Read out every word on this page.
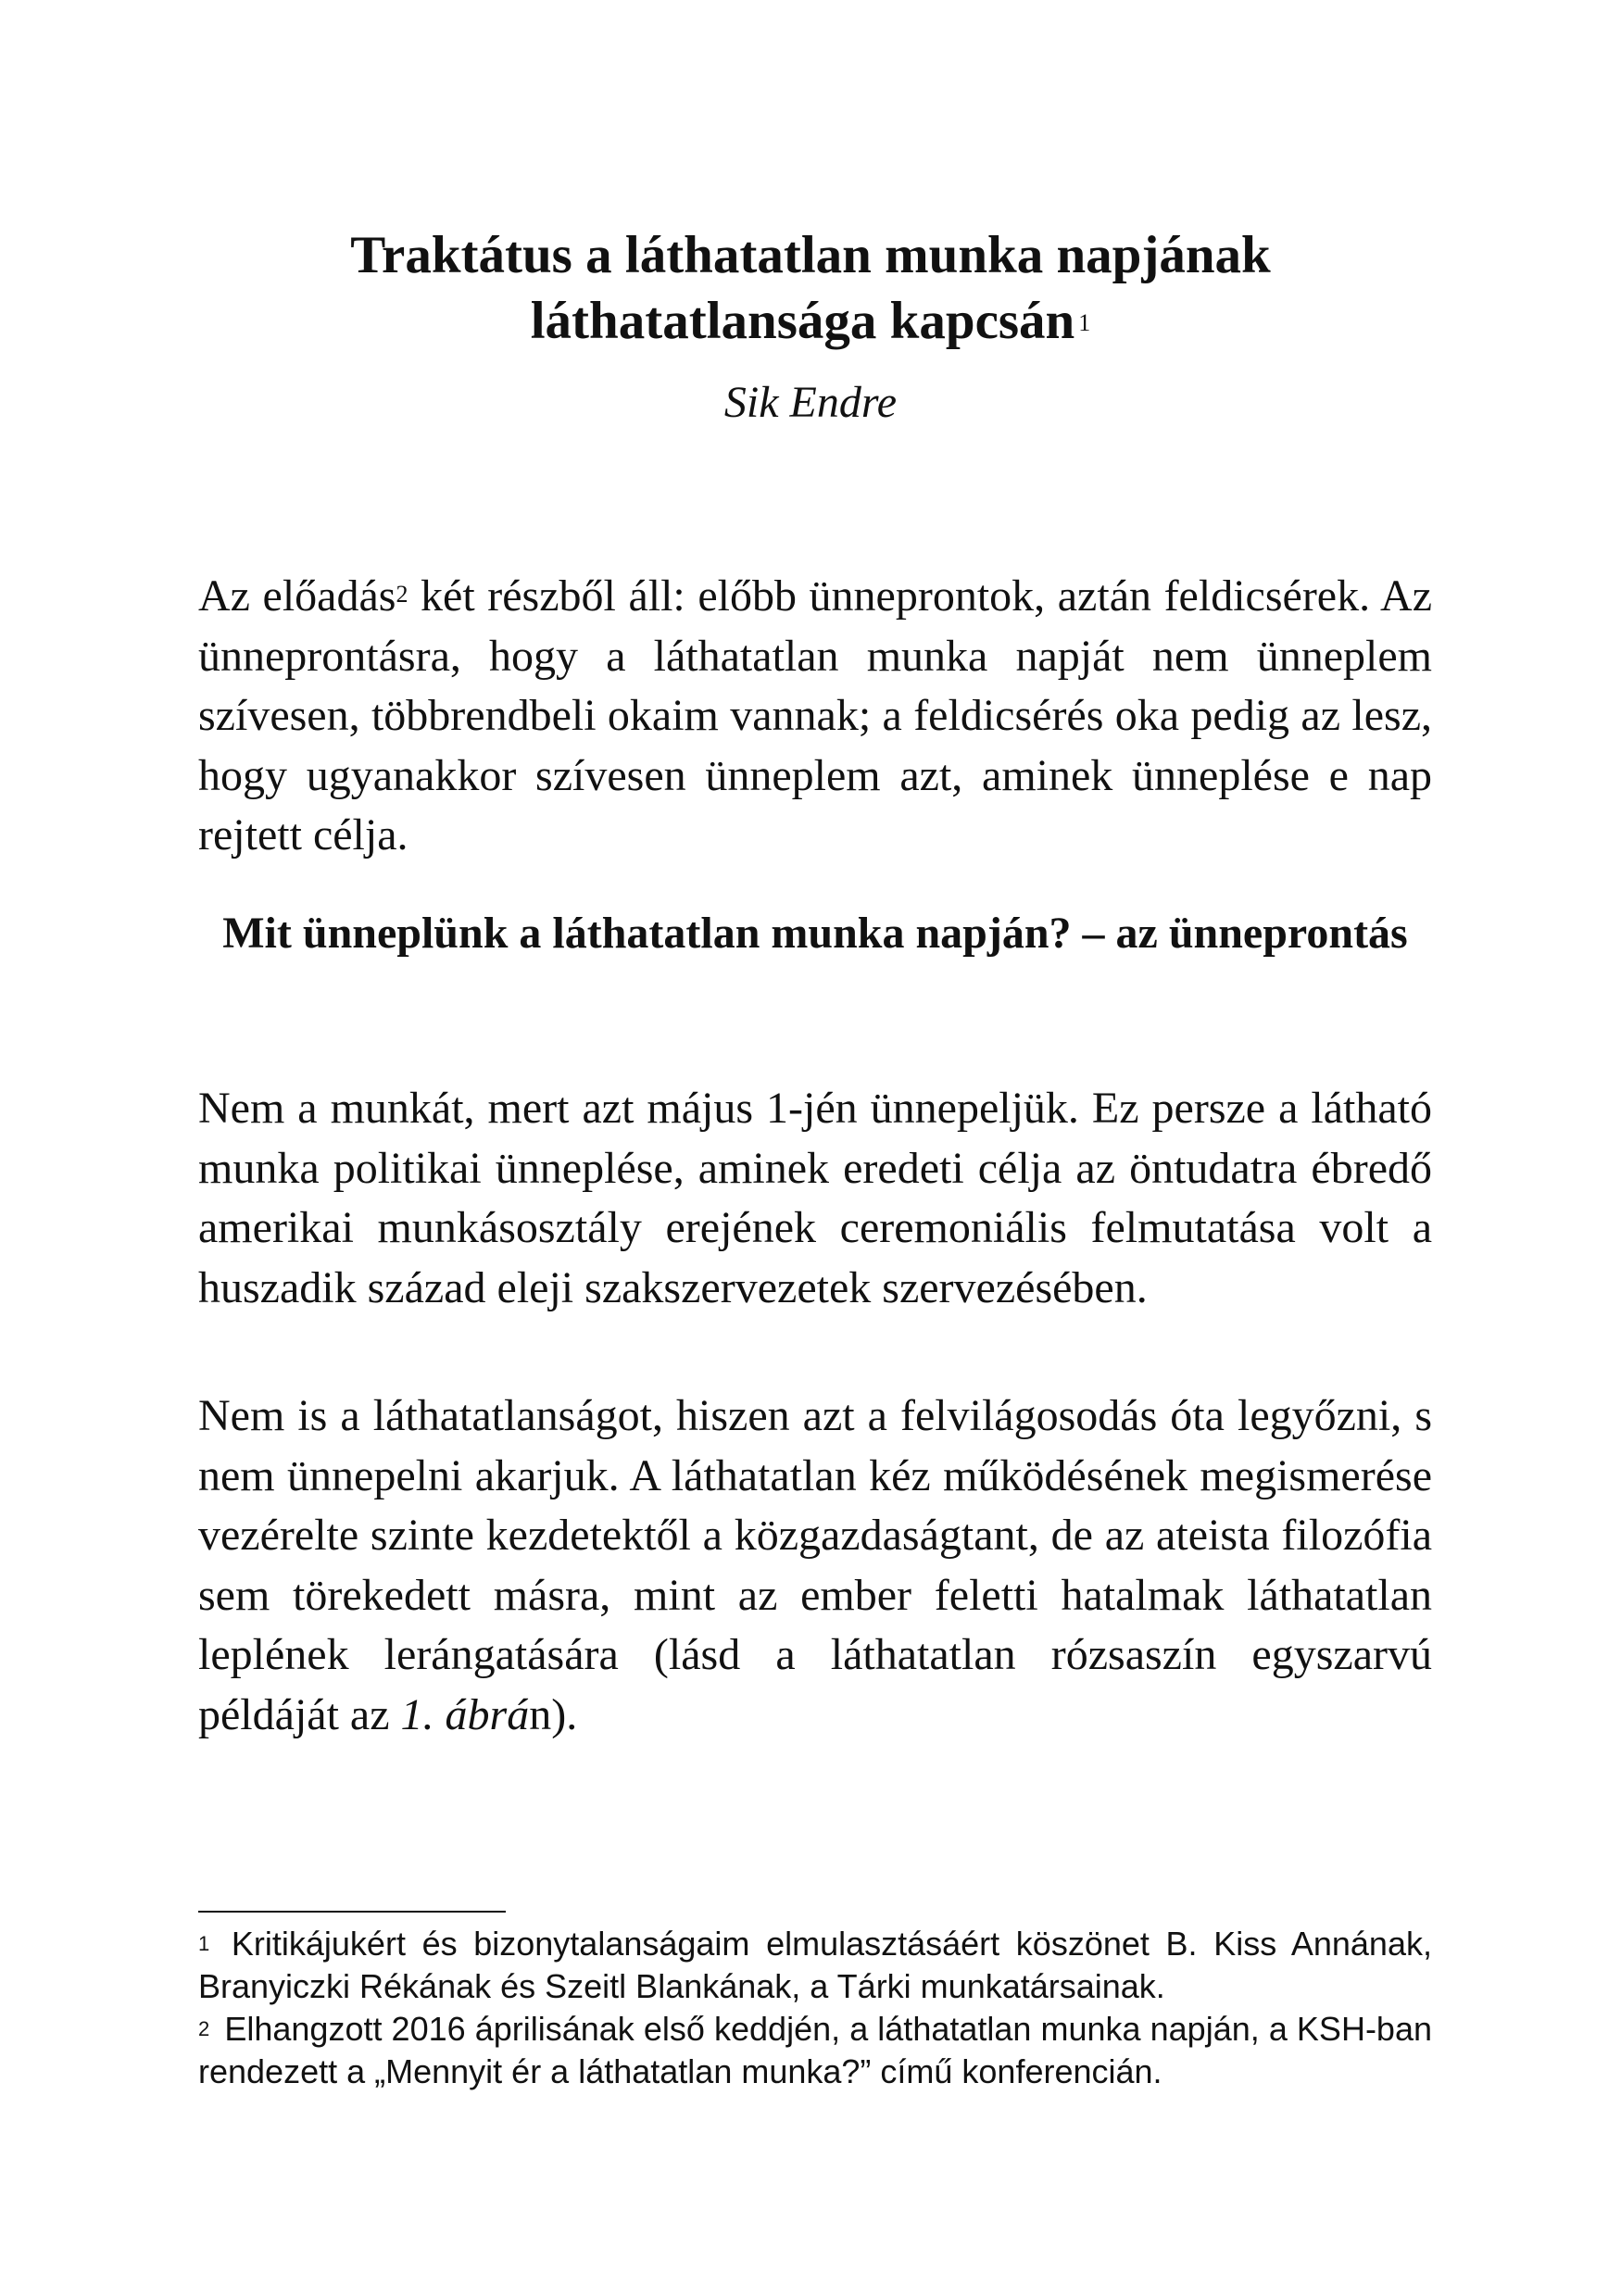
Traktátus a láthatatlan munka napjának
láthatatlansága kapcsán $^1$
Sik Endre

Az előadás$^2$ két részből áll: előbb ünneprontok, aztán feldicsérek. Az ünneprontásra, hogy a láthatatlan munka napját nem ünneplem szívesen, többrendbeli okaim vannak; a feldicsérés oka pedig az lesz, hogy ugyanakkor szívesen ünneplem azt, aminek ünneplése e nap rejtett célja.

Mit ünneplünk a láthatatlan munka napján? – az ünneprontás

Nem a munkát, mert azt május 1-jén ünnepeljük. Ez persze a látható munka politikai ünneplése, aminek eredeti célja az öntudatra ébredő amerikai munkásosztály erejének ceremoniális felmutatása volt a huszadik század eleji szakszervezetek szervezésében.

Nem is a láthatatlanságot, hiszen azt a felvilágosodás óta legyőzni, s nem ünnepelni akarjuk. A láthatatlan kéz működésének megismerése vezérelte szinte kezdetektől a közgazdaságtant, de az ateista filozófia sem törekedett másra, mint az ember feletti hatalmak láthatatlan leplének lerángatására (lásd a láthatatlan rózsaszín egyszarvú példáját az 1. ábrán).

$^1$ Kritikájukért és bizonytalanságaim elmulasztásáért köszönet B. Kiss Annának, Branyiczki Rékának és Szeitl Blankának, a Tárki munkatársainak.

$^2$ Elhangzott 2016 áprilisának első keddjén, a láthatatlan munka napján, a KSH-ban rendezett a „Mennyit ér a láthatatlan munka?” című konferencián.
